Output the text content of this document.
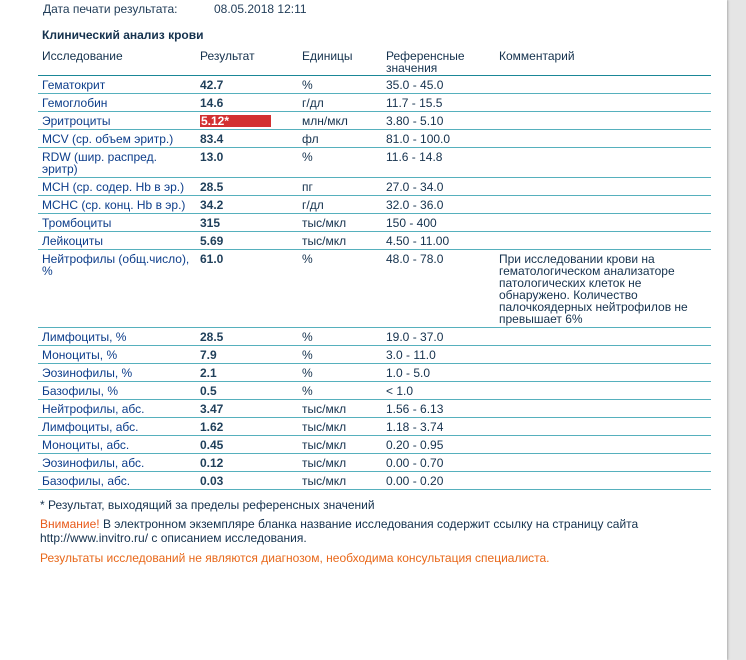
Дата печати результата:	08.05.2018 12:11
Клинический анализ крови
Исследование	Результат	Единицы	Референсные значения	Комментарий
Гематокрит	42.7	%	35.0 - 45.0	
Гемоглобин	14.6	г/дл	11.7 - 15.5	
Эритроциты	5.12*	млн/мкл	3.80 - 5.10	
MCV (ср. объем эритр.)	83.4	фл	81.0 - 100.0	
RDW (шир. распред. эритр)	13.0	%	11.6 - 14.8	
MCH (ср. содер. Hb в эр.)	28.5	пг	27.0 - 34.0	
MCHC (ср. конц. Hb в эр.)	34.2	г/дл	32.0 - 36.0	
Тромбоциты	315	тыс/мкл	150 - 400	
Лейкоциты	5.69	тыс/мкл	4.50 - 11.00	
Нейтрофилы (общ.число), %	61.0	%	48.0 - 78.0	При исследовании крови на гематологическом анализаторе патологических клеток не обнаружено. Количество палочкоядерных нейтрофилов не превышает 6%
Лимфоциты, %	28.5	%	19.0 - 37.0	
Моноциты, %	7.9	%	3.0 - 11.0	
Эозинофилы, %	2.1	%	1.0 - 5.0	
Базофилы, %	0.5	%	< 1.0	
Нейтрофилы, абс.	3.47	тыс/мкл	1.56 - 6.13	
Лимфоциты, абс.	1.62	тыс/мкл	1.18 - 3.74	
Моноциты, абс.	0.45	тыс/мкл	0.20 - 0.95	
Эозинофилы, абс.	0.12	тыс/мкл	0.00 - 0.70	
Базофилы, абс.	0.03	тыс/мкл	0.00 - 0.20	
* Результат, выходящий за пределы референсных значений
Внимание! В электронном экземпляре бланка название исследования содержит ссылку на страницу сайта http://www.invitro.ru/ с описанием исследования.
Результаты исследований не являются диагнозом, необходима консультация специалиста.
